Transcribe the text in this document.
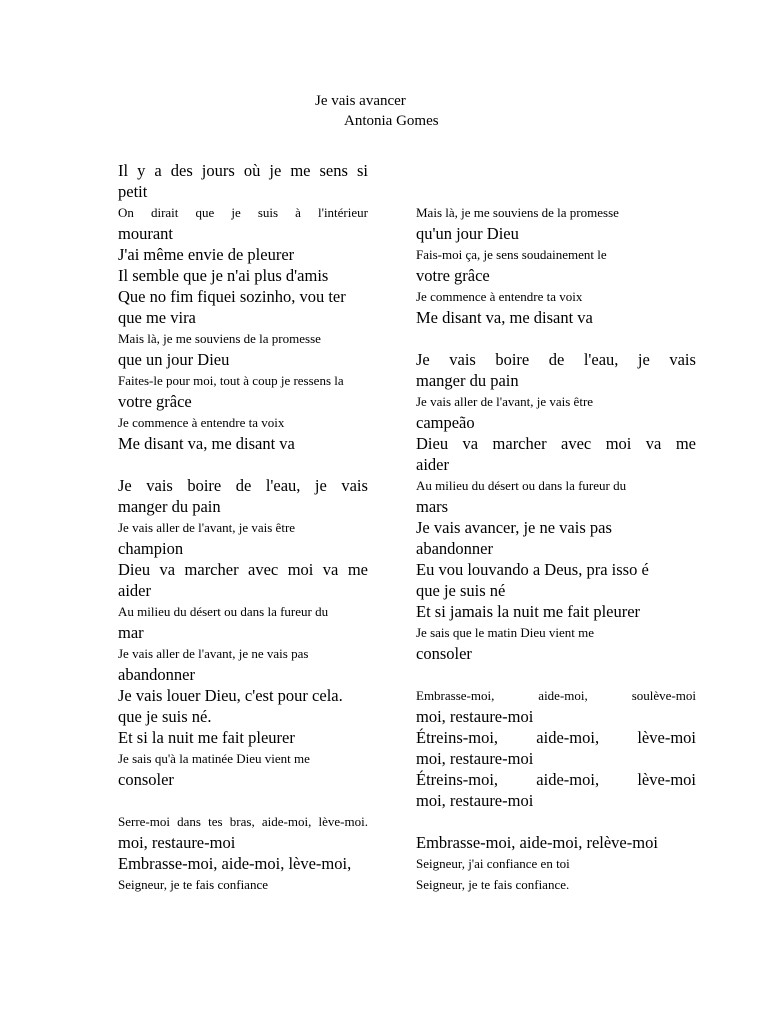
Je vais avancer
Antonia Gomes
Il y a des jours où je me sens si
petit
On dirait que je suis à l'intérieur
mourant
J'ai même envie de pleurer
Il semble que je n'ai plus d'amis
Que no fim fiquei sozinho, vou ter
que me vira
Mais là, je me souviens de la promesse
que un jour Dieu
Faites-le pour moi, tout à coup je ressens la
votre grâce
Je commence à entendre ta voix
Me disant va, me disant va
Je vais boire de l'eau, je vais
manger du pain
Je vais aller de l'avant, je vais être
champion
Dieu va marcher avec moi va me
aider
Au milieu du désert ou dans la fureur du
mar
Je vais aller de l'avant, je ne vais pas
abandonner
Je vais louer Dieu, c'est pour cela.
que je suis né.
Et si la nuit me fait pleurer
Je sais qu'à la matinée Dieu vient me
consoler
Serre-moi dans tes bras, aide-moi, lève-moi.
moi, restaure-moi
Embrasse-moi, aide-moi, lève-moi,
Seigneur, je te fais confiance
Mais là, je me souviens de la promesse
qu'un jour Dieu
Fais-moi ça, je sens soudainement le
votre grâce
Je commence à entendre ta voix
Me disant va, me disant va
Je vais boire de l'eau, je vais
manger du pain
Je vais aller de l'avant, je vais être
campeão
Dieu va marcher avec moi va me
aider
Au milieu du désert ou dans la fureur du
mars
Je vais avancer, je ne vais pas
abandonner
Eu vou louvando a Deus, pra isso é
que je suis né
Et si jamais la nuit me fait pleurer
Je sais que le matin Dieu vient me
consoler
Embrasse-moi,	aide-moi,	soulève-moi
moi, restaure-moi
Étreins-moi, aide-moi, lève-moi
moi, restaure-moi
Étreins-moi, aide-moi, lève-moi
moi, restaure-moi
Embrasse-moi, aide-moi, relève-moi
Seigneur, j'ai confiance en toi
Seigneur, je te fais confiance.
